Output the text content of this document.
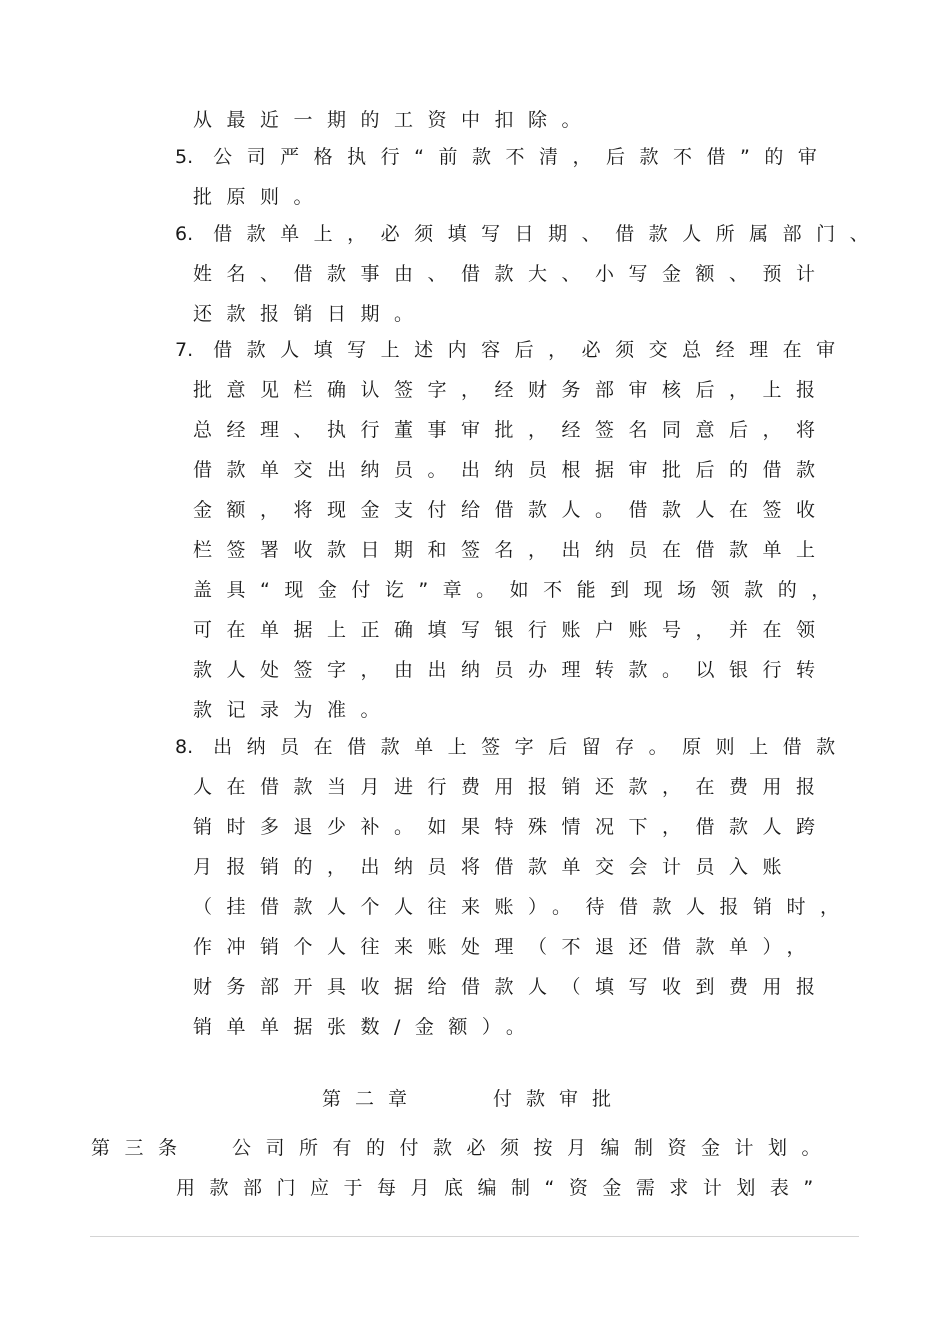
从最近一期的工资中扣除。
5. 公司严格执行“前款不清，后款不借”的审
批原则。
6. 借款单上，必须填写日期、借款人所属部门、
姓名、借款事由、借款大、小写金额、预计
还款报销日期。
7. 借款人填写上述内容后，必须交总经理在审
批意见栏确认签字，经财务部审核后，上报
总经理、执行董事审批，经签名同意后，将
借款单交出纳员。出纳员根据审批后的借款
金额，将现金支付给借款人。借款人在签收
栏签署收款日期和签名，出纳员在借款单上
盖具“现金付讫”章。如不能到现场领款的，
可在单据上正确填写银行账户账号，并在领
款人处签字，由出纳员办理转款。以银行转
款记录为准。
8. 出纳员在借款单上签字后留存。原则上借款
人在借款当月进行费用报销还款，在费用报
销时多退少补。如果特殊情况下，借款人跨
月报销的，出纳员将借款单交会计员入账
（挂借款人个人往来账）。待借款人报销时，
作冲销个人往来账处理（不退还借款单），
财务部开具收据给借款人（填写收到费用报
销单单据张数/金额）。
第二章	付款审批
第三条 公司所有的付款必须按月编制资金计划。
用款部门应于每月底编制“资金需求计划表”
